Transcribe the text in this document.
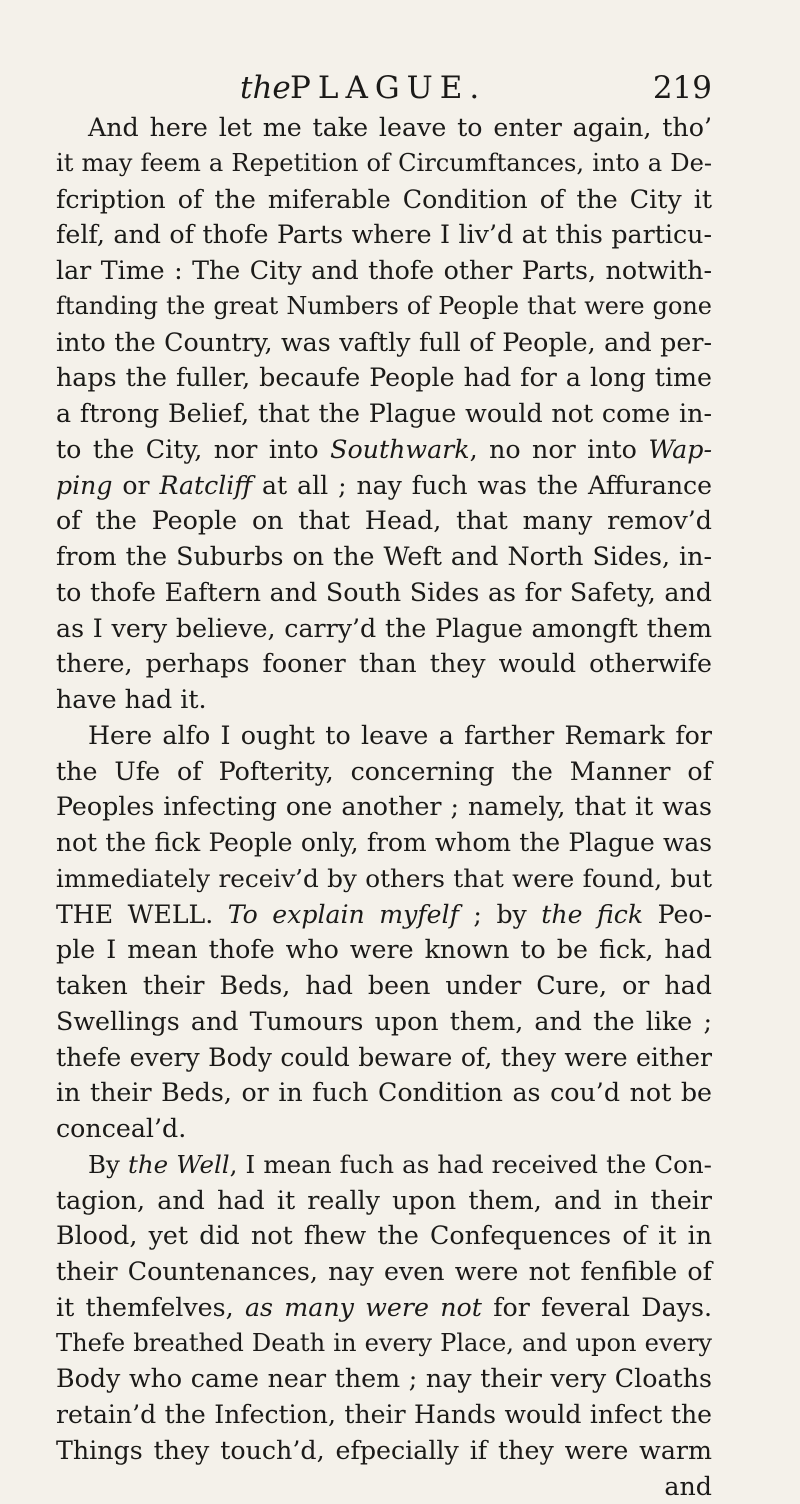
the PLAGUE.	219
And here let me take leave to enter again, tho’
it may feem a Repetition of Circumftances, into a De-
fcription of the miferable Condition of the City it
felf, and of thofe Parts where I liv’d at this particu-
lar Time : The City and thofe other Parts, notwith-
ftanding the great Numbers of People that were gone
into the Country, was vaftly full of People, and per-
haps the fuller, becaufe People had for a long time
a ftrong Belief, that the Plague would not come in-
to the City, nor into Southwark, no nor into Wap-
ping or Ratcliff at all ; nay fuch was the Affurance
of the People on that Head, that many remov’d
from the Suburbs on the Weft and North Sides, in-
to thofe Eaftern and South Sides as for Safety, and
as I very believe, carry’d the Plague amongft them
there, perhaps fooner than they would otherwife
have had it.
Here alfo I ought to leave a farther Remark for
the Ufe of Pofterity, concerning the Manner of
Peoples infecting one another ; namely, that it was
not the fick People only, from whom the Plague was
immediately receiv’d by others that were found, but
THE WELL. To explain myfelf ; by the fick Peo-
ple I mean thofe who were known to be fick, had
taken their Beds, had been under Cure, or had
Swellings and Tumours upon them, and the like ;
thefe every Body could beware of, they were either
in their Beds, or in fuch Condition as cou’d not be
conceal’d.
By the Well, I mean fuch as had received the Con-
tagion, and had it really upon them, and in their
Blood, yet did not fhew the Confequences of it in
their Countenances, nay even were not fenfible of
it themfelves, as many were not for feveral Days.
Thefe breathed Death in every Place, and upon every
Body who came near them ; nay their very Cloaths
retain’d the Infection, their Hands would infect the
Things they touch’d, efpecially if they were warm
and
